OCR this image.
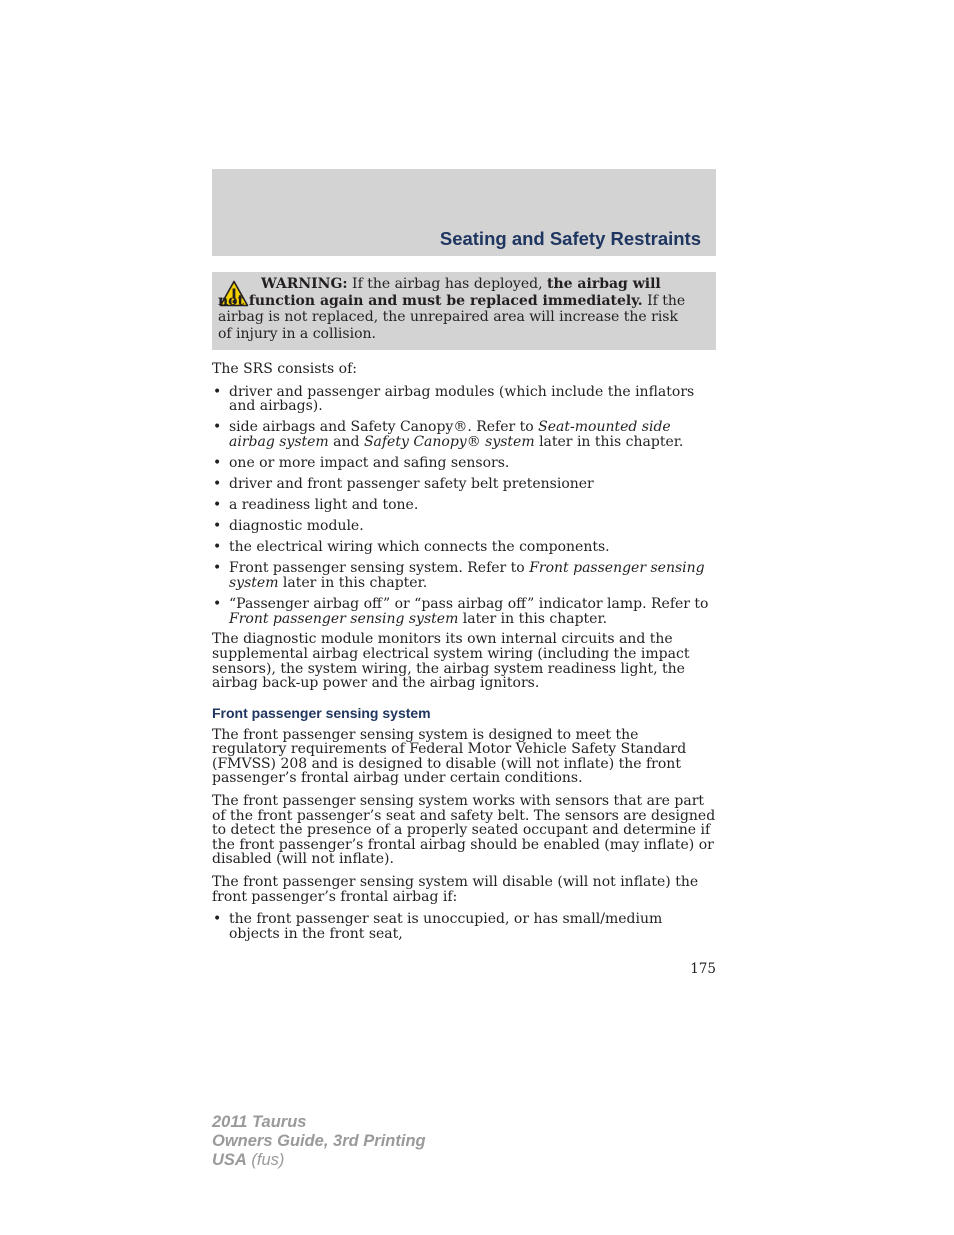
Seating and Safety Restraints
WARNING: If the airbag has deployed, the airbag will not function again and must be replaced immediately. If the airbag is not replaced, the unrepaired area will increase the risk of injury in a collision.

The SRS consists of:

• driver and passenger airbag modules (which include the inflators and airbags).
• side airbags and Safety Canopy®. Refer to Seat-mounted side airbag system and Safety Canopy® system later in this chapter.
• one or more impact and safing sensors.
• driver and front passenger safety belt pretensioner
• a readiness light and tone.
• diagnostic module.
• the electrical wiring which connects the components.
• Front passenger sensing system. Refer to Front passenger sensing system later in this chapter.
• “Passenger airbag off” or “pass airbag off” indicator lamp. Refer to Front passenger sensing system later in this chapter.

The diagnostic module monitors its own internal circuits and the supplemental airbag electrical system wiring (including the impact sensors), the system wiring, the airbag system readiness light, the airbag back-up power and the airbag ignitors.

Front passenger sensing system

The front passenger sensing system is designed to meet the regulatory requirements of Federal Motor Vehicle Safety Standard (FMVSS) 208 and is designed to disable (will not inflate) the front passenger’s frontal airbag under certain conditions.

The front passenger sensing system works with sensors that are part of the front passenger’s seat and safety belt. The sensors are designed to detect the presence of a properly seated occupant and determine if the front passenger’s frontal airbag should be enabled (may inflate) or disabled (will not inflate).

The front passenger sensing system will disable (will not inflate) the front passenger’s frontal airbag if:

• the front passenger seat is unoccupied, or has small/medium objects in the front seat,
175
2011 Taurus
Owners Guide, 3rd Printing
USA (fus)
